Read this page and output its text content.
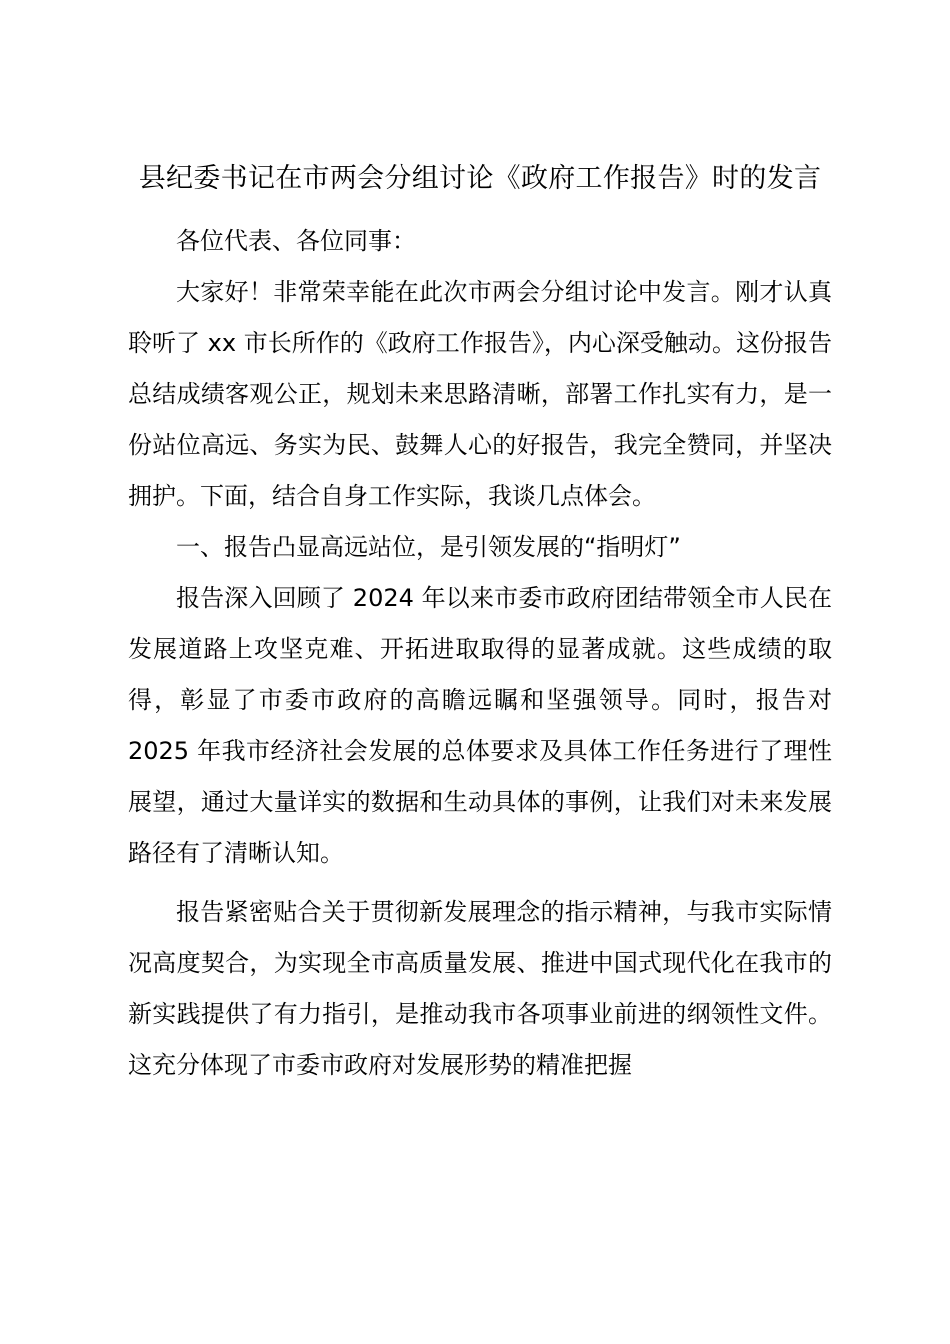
县纪委书记在市两会分组讨论《政府工作报告》时的发言

各位代表、各位同事：

大家好！非常荣幸能在此次市两会分组讨论中发言。刚才认真聆听了 xx 市长所作的《政府工作报告》，内心深受触动。这份报告总结成绩客观公正，规划未来思路清晰，部署工作扎实有力，是一份站位高远、务实为民、鼓舞人心的好报告，我完全赞同，并坚决拥护。下面，结合自身工作实际，我谈几点体会。

一、报告凸显高远站位，是引领发展的“指明灯”

报告深入回顾了 2024 年以来市委市政府团结带领全市人民在发展道路上攻坚克难、开拓进取取得的显著成就。这些成绩的取得，彰显了市委市政府的高瞻远瞩和坚强领导。同时，报告对 2025 年我市经济社会发展的总体要求及具体工作任务进行了理性展望，通过大量详实的数据和生动具体的事例，让我们对未来发展路径有了清晰认知。

报告紧密贴合关于贯彻新发展理念的指示精神，与我市实际情况高度契合，为实现全市高质量发展、推进中国式现代化在我市的新实践提供了有力指引，是推动我市各项事业前进的纲领性文件。这充分体现了市委市政府对发展形势的精准把握
